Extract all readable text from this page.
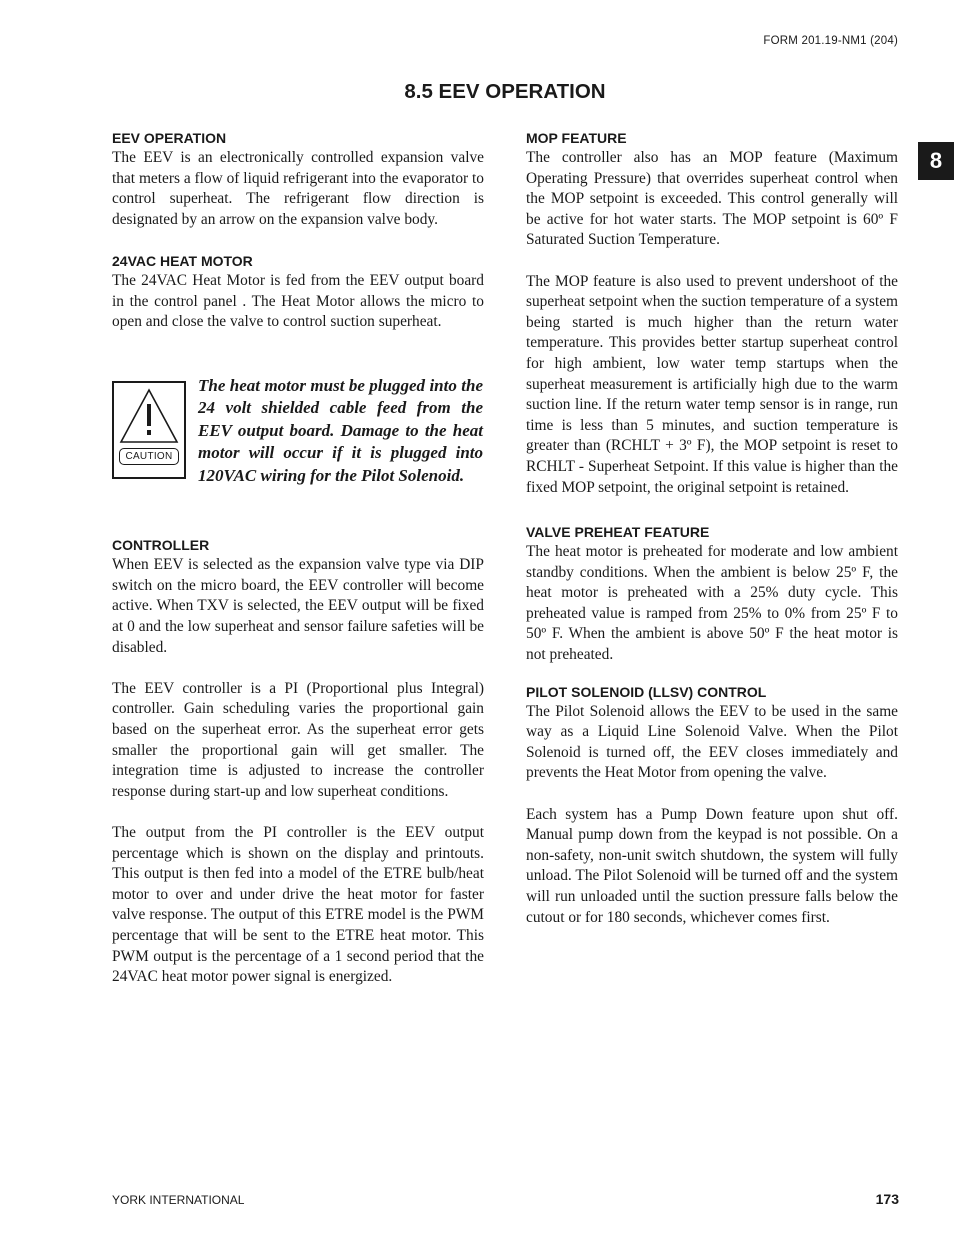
FORM 201.19-NM1 (204)
8.5 EEV OPERATION
8
EEV OPERATION

The EEV is an electronically controlled expansion valve that meters a flow of liquid refrigerant into the evaporator to control superheat. The refrigerant flow direction is designated by an arrow on the expansion valve body.

24VAC HEAT MOTOR

The 24VAC Heat Motor is fed from the EEV output board in the control panel . The Heat Motor allows the micro to open and close the valve to control suction superheat.

CAUTION

The heat motor must be plugged into the 24 volt shielded cable feed from the EEV output board. Damage to the heat motor will occur if it is plugged into 120VAC wiring for the Pilot Solenoid.

CONTROLLER

When EEV is selected as the expansion valve type via DIP switch on the micro board, the EEV controller will become active. When TXV is selected, the EEV output will be fixed at 0 and the low superheat and sensor failure safeties will be disabled.

The EEV controller is a PI (Proportional plus Integral) controller. Gain scheduling varies the proportional gain based on the superheat error. As the superheat error gets smaller the proportional gain will get smaller. The integration time is adjusted to increase the controller response during start-up and low superheat conditions.

The output from the PI controller is the EEV output percentage which is shown on the display and printouts. This output is then fed into a model of the ETRE bulb/heat motor to over and under drive the heat motor for faster valve response. The output of this ETRE model is the PWM percentage that will be sent to the ETRE heat motor. This PWM output is the percentage of a 1 second period that the 24VAC heat motor power signal is energized.

MOP FEATURE

The controller also has an MOP feature (Maximum Operating Pressure) that overrides superheat control when the MOP setpoint is exceeded. This control generally will be active for hot water starts. The MOP setpoint is 60º F Saturated Suction Temperature.

The MOP feature is also used to prevent undershoot of the superheat setpoint when the suction temperature of a system being started is much higher than the return water temperature. This provides better startup superheat control for high ambient, low water temp startups when the superheat measurement is artificially high due to the warm suction line. If the return water temp sensor is in range, run time is less than 5 minutes, and suction temperature is greater than (RCHLT + 3º F), the MOP setpoint is reset to RCHLT - Superheat Setpoint. If this value is higher than the fixed MOP setpoint, the original setpoint is retained.

VALVE PREHEAT FEATURE

The heat motor is preheated for moderate and low ambient standby conditions. When the ambient is below 25º F, the heat motor is preheated with a 25% duty cycle. This preheated value is ramped from 25% to 0% from 25º F to 50º F. When the ambient is above 50º F the heat motor is not preheated.

PILOT SOLENOID (LLSV) CONTROL

The Pilot Solenoid allows the EEV to be used in the same way as a Liquid Line Solenoid Valve. When the Pilot Solenoid is turned off, the EEV closes immediately and prevents the Heat Motor from opening the valve.

Each system has a Pump Down feature upon shut off. Manual pump down from the keypad is not possible. On a non-safety, non-unit switch shutdown, the system will fully unload. The Pilot Solenoid will be turned off and the system will run unloaded until the suction pressure falls below the cutout or for 180 seconds, whichever comes first.

YORK INTERNATIONAL	173
